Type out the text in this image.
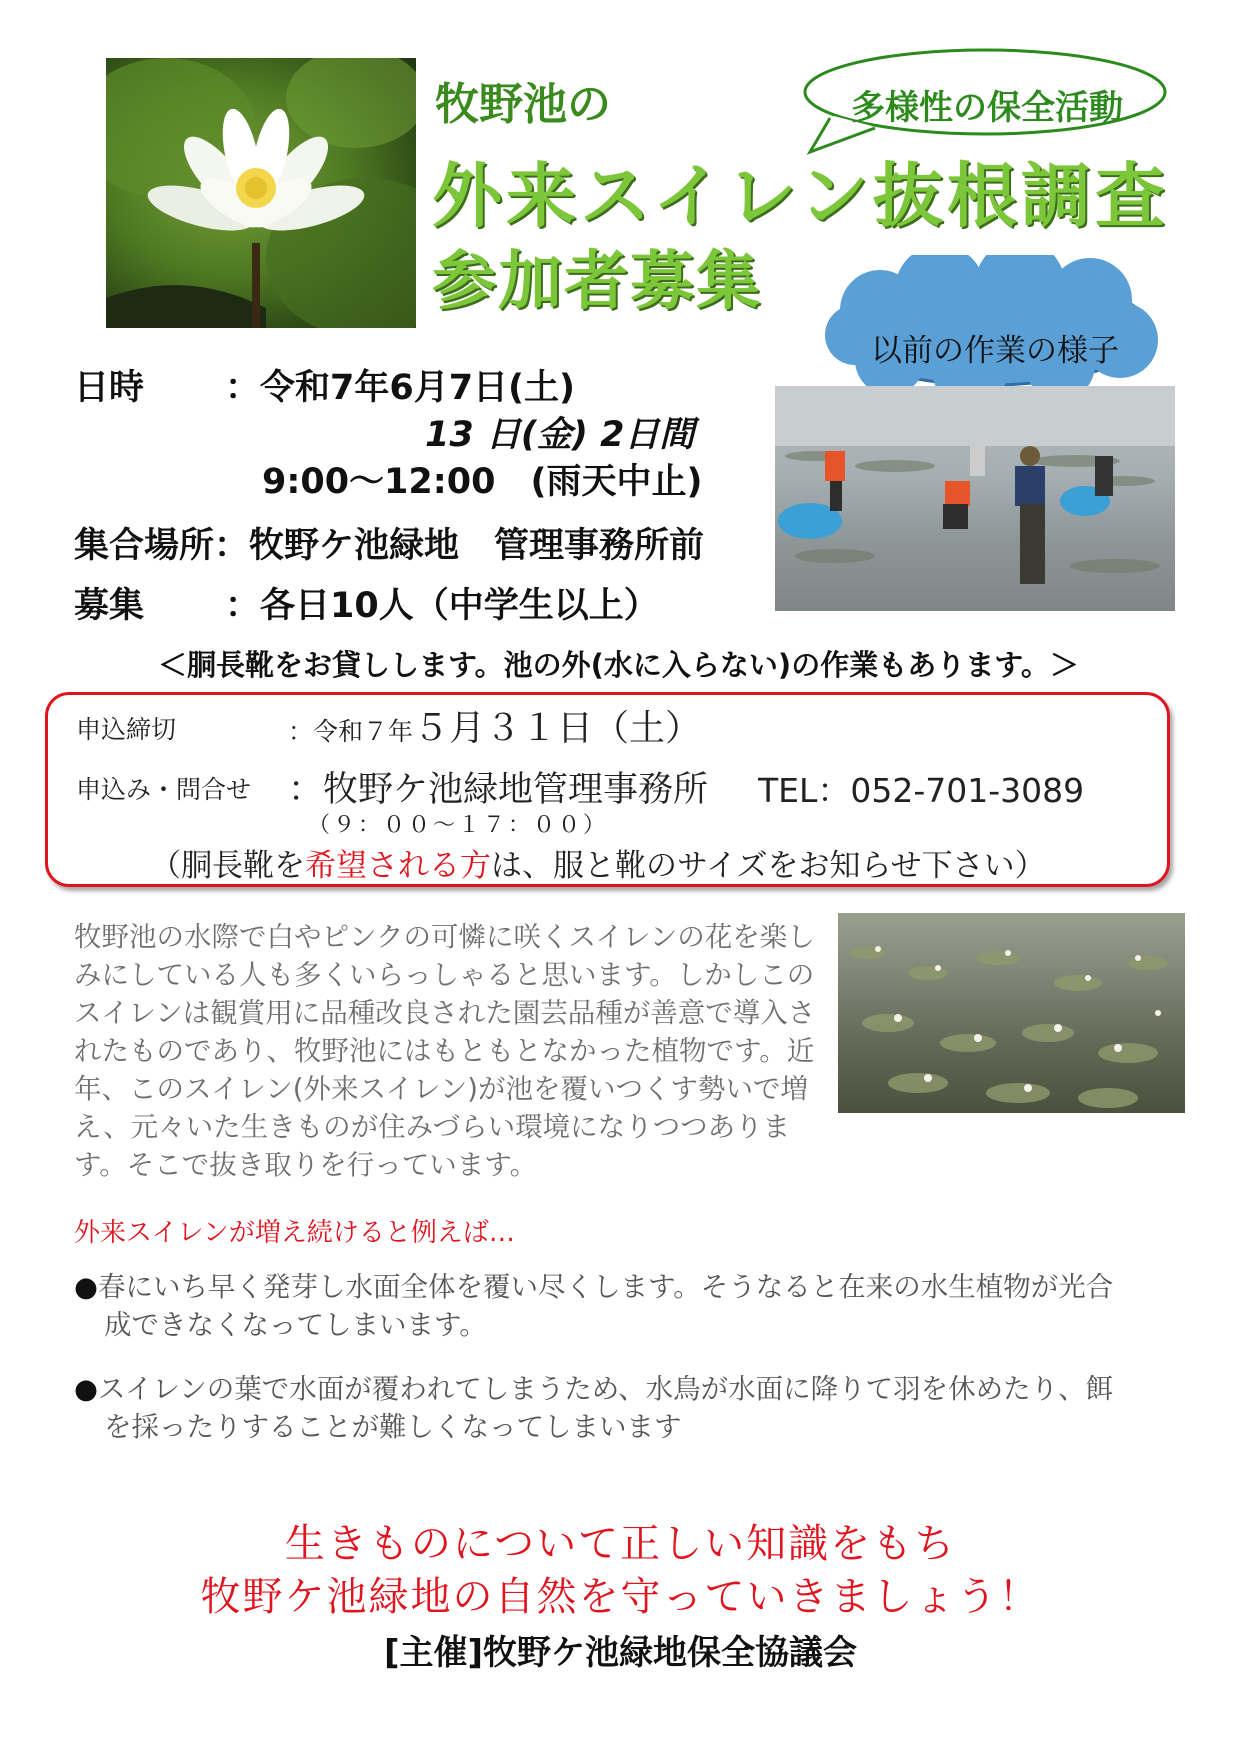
牧野池の
外来スイレン抜根調査
参加者募集
多様性の保全活動
以前の作業の様子
日時 ：令和7年6月7日(土)
13 日(金) 2日間
9:00～12:00　(雨天中止)
集合場所：牧野ケ池緑地　管理事務所前
募集 ：各日10人（中学生以上）
＜胴長靴をお貸しします。池の外(水に入らない)の作業もあります。＞
申込締切	：令和７年５月３１日（土）
申込み・問合せ ：牧野ケ池緑地管理事務所 TEL：052-701-3089
（９：００～１７：００）
（胴長靴を希望される方は、服と靴のサイズをお知らせ下さい）
牧野池の水際で白やピンクの可憐に咲くスイレンの花を楽しみにしている人も多くいらっしゃると思います。しかしこのスイレンは観賞用に品種改良された園芸品種が善意で導入されたものであり、牧野池にはもともとなかった植物です。近年、このスイレン(外来スイレン)が池を覆いつくす勢いで増え、元々いた生きものが住みづらい環境になりつつあります。そこで抜き取りを行っています。
外来スイレンが増え続けると例えば…
●春にいち早く発芽し水面全体を覆い尽くします。そうなると在来の水生植物が光合
成できなくなってしまいます。
●スイレンの葉で水面が覆われてしまうため、水鳥が水面に降りて羽を休めたり、餌
を採ったりすることが難しくなってしまいます
生きものについて正しい知識をもち
牧野ケ池緑地の自然を守っていきましょう！
[主催]牧野ケ池緑地保全協議会
